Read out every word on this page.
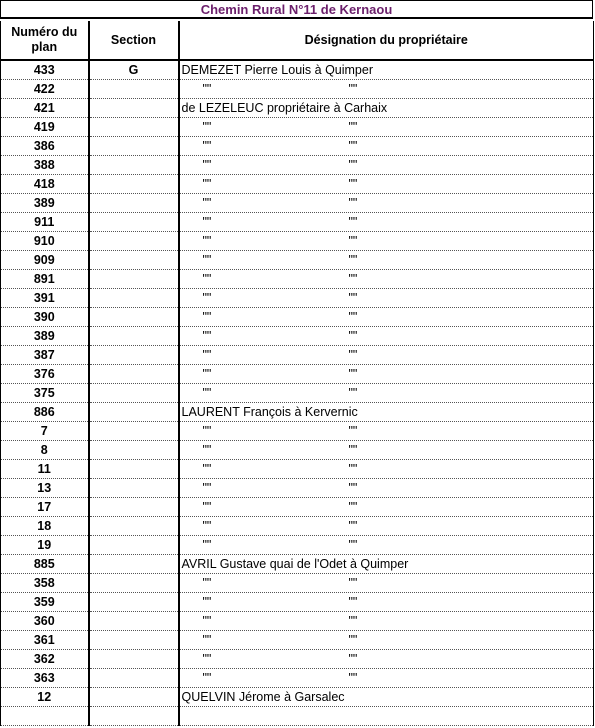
Chemin Rural N°11 de Kernaou
Numéro du plan	Section	Désignation du propriétaire
433	G	DEMEZET Pierre Louis à Quimper
422		"" ""
421		de LEZELEUC propriétaire à Carhaix
419		"" ""
386		"" ""
388		"" ""
418		"" ""
389		"" ""
911		"" ""
910		"" ""
909		"" ""
891		"" ""
391		"" ""
390		"" ""
389		"" ""
387		"" ""
376		"" ""
375		"" ""
886		LAURENT François à Kervernic
7		"" ""
8		"" ""
11		"" ""
13		"" ""
17		"" ""
18		"" ""
19		"" ""
885		AVRIL Gustave quai de l'Odet à Quimper
358		"" ""
359		"" ""
360		"" ""
361		"" ""
362		"" ""
363		"" ""
12		QUELVIN Jérome à Garsalec
